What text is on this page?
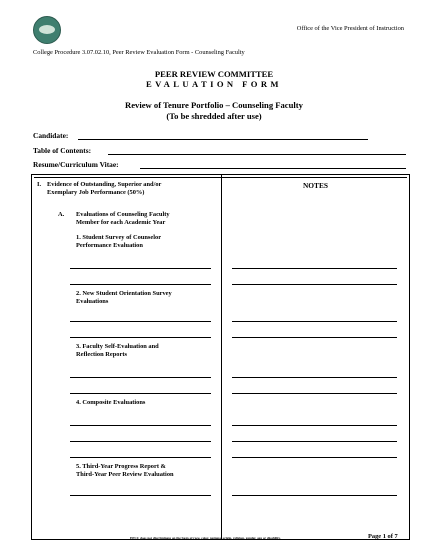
Office of the Vice President of Instruction
College Procedure 3.07.02.10, Peer Review Evaluation Form - Counseling Faculty
PEER REVIEW COMMITTEE
EVALUATION FORM
Review of Tenure Portfolio – Counseling Faculty
(To be shredded after use)
Candidate:
Table of Contents:
Resume/Curriculum Vitae:
I. Evidence of Outstanding, Superior and/or
Exemplary Job Performance (50%)
NOTES
A. Evaluations of Counseling Faculty
Member for each Academic Year
1. Student Survey of Counselor
Performance Evaluation
2. New Student Orientation Survey
Evaluations
3. Faculty Self-Evaluation and
Reflection Reports
4. Composite Evaluations
5. Third-Year Progress Report &
Third-Year Peer Review Evaluation
EPCC does not discriminate on the basis of race, color, national origin, religion, gender, age or disability.	Page 1 of 7
